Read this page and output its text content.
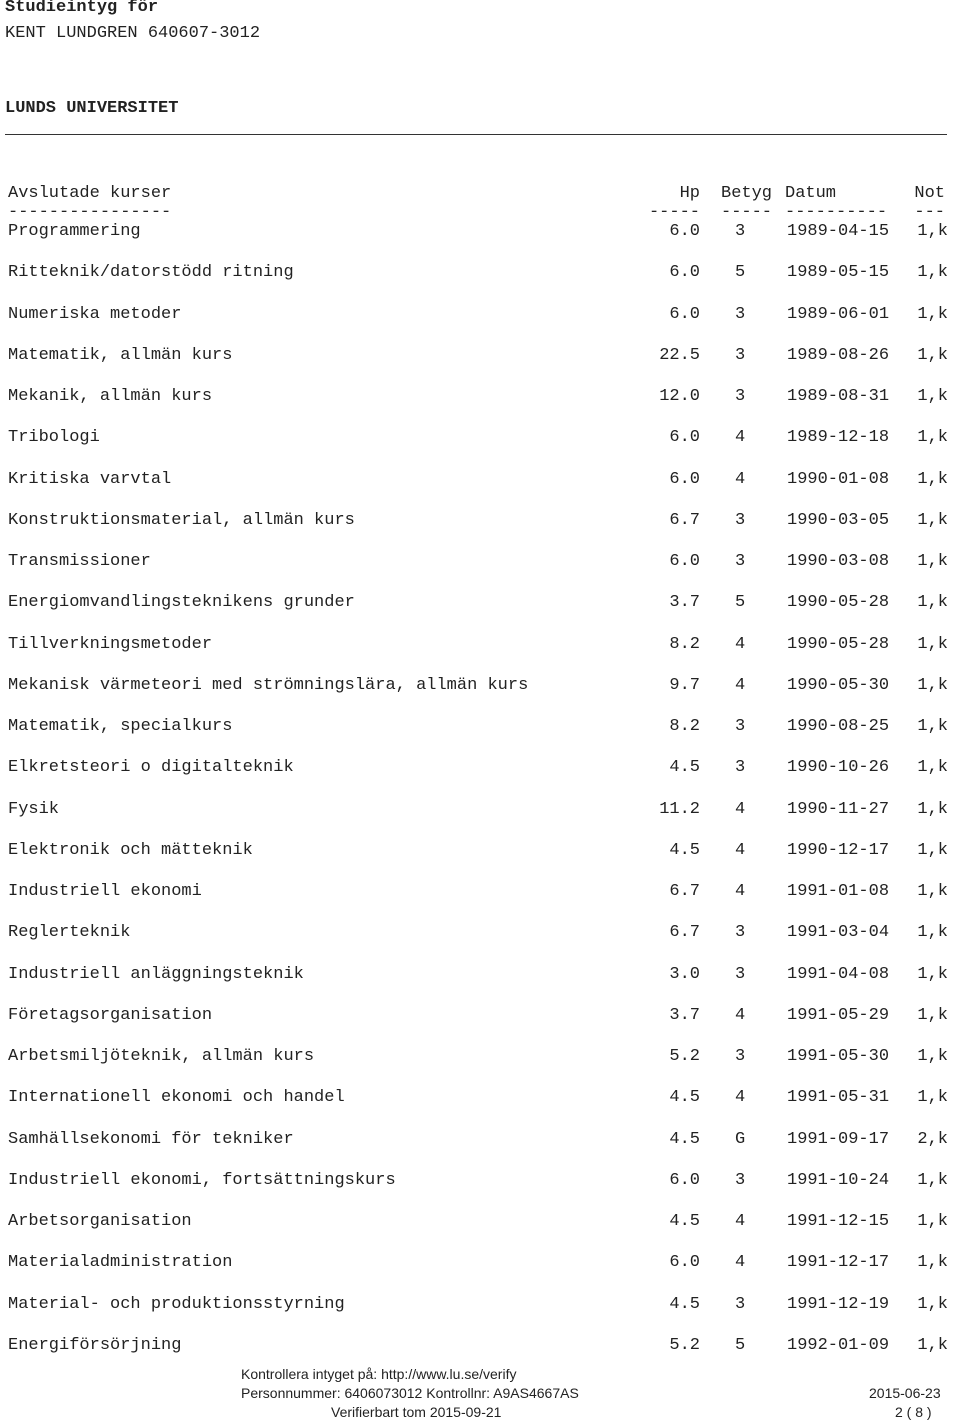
Studieintyg för
KENT LUNDGREN 640607-3012
LUNDS UNIVERSITET
Avslutade kurser	Hp Betyg Datum	Not
----------------	----- ----- ----------	---
Programmering	6.0 3	1989-04-15	1,k
Ritteknik/datorstödd ritning	6.0 5	1989-05-15	1,k
Numeriska metoder	6.0 3	1989-06-01	1,k
Matematik, allmän kurs	22.5 3	1989-08-26	1,k
Mekanik, allmän kurs	12.0 3	1989-08-31	1,k
Tribologi	6.0 4	1989-12-18	1,k
Kritiska varvtal	6.0 4	1990-01-08	1,k
Konstruktionsmaterial, allmän kurs	6.7 3	1990-03-05	1,k
Transmissioner	6.0 3	1990-03-08	1,k
Energiomvandlingsteknikens grunder	3.7 5	1990-05-28	1,k
Tillverkningsmetoder	8.2 4	1990-05-28	1,k
Mekanisk värmeteori med strömningslära, allmän kurs	9.7 4	1990-05-30	1,k
Matematik, specialkurs	8.2 3	1990-08-25	1,k
Elkretsteori o digitalteknik	4.5 3	1990-10-26	1,k
Fysik	11.2 4	1990-11-27	1,k
Elektronik och mätteknik	4.5 4	1990-12-17	1,k
Industriell ekonomi	6.7 4	1991-01-08	1,k
Reglerteknik	6.7 3	1991-03-04	1,k
Industriell anläggningsteknik	3.0 3	1991-04-08	1,k
Företagsorganisation	3.7 4	1991-05-29	1,k
Arbetsmiljöteknik, allmän kurs	5.2 3	1991-05-30	1,k
Internationell ekonomi och handel	4.5 4	1991-05-31	1,k
Samhällsekonomi för tekniker	4.5 G	1991-09-17	2,k
Industriell ekonomi, fortsättningskurs	6.0 3	1991-10-24	1,k
Arbetsorganisation	4.5 4	1991-12-15	1,k
Materialadministration	6.0 4	1991-12-17	1,k
Material- och produktionsstyrning	4.5 3	1991-12-19	1,k
Energiförsörjning	5.2 5	1992-01-09	1,k
Kontrollera intyget på: http://www.lu.se/verify
Personnummer: 6406073012 Kontrollnr: A9AS4667AS	2015-06-23
Verifierbart tom 2015-09-21	2 ( 8 )
